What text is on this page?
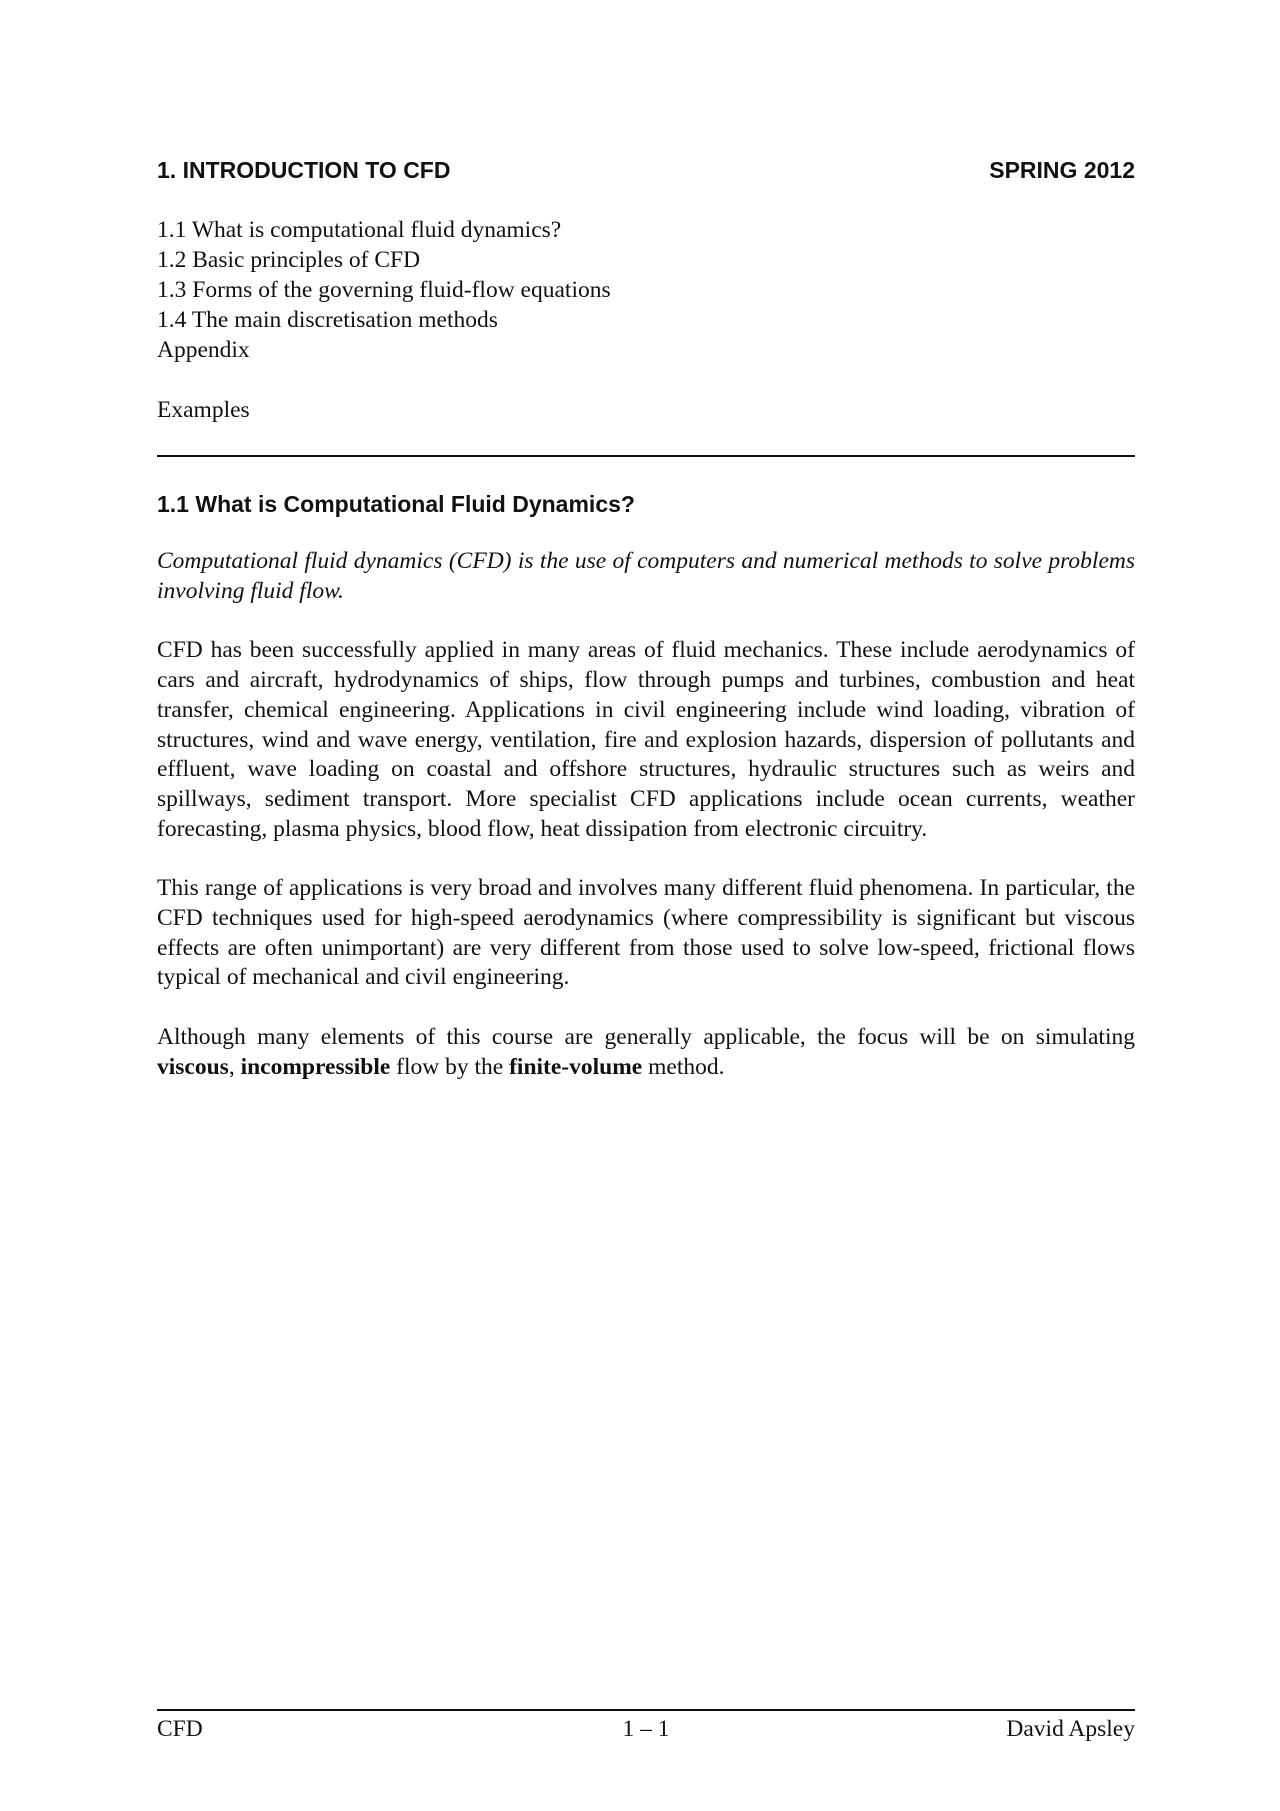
1. INTRODUCTION TO CFD	SPRING 2012
1.1 What is computational fluid dynamics?
1.2 Basic principles of CFD
1.3 Forms of the governing fluid-flow equations
1.4 The main discretisation methods
Appendix
Examples
1.1 What is Computational Fluid Dynamics?

Computational fluid dynamics (CFD) is the use of computers and numerical methods to solve problems involving fluid flow.

CFD has been successfully applied in many areas of fluid mechanics. These include aerodynamics of cars and aircraft, hydrodynamics of ships, flow through pumps and turbines, combustion and heat transfer, chemical engineering. Applications in civil engineering include wind loading, vibration of structures, wind and wave energy, ventilation, fire and explosion hazards, dispersion of pollutants and effluent, wave loading on coastal and offshore structures, hydraulic structures such as weirs and spillways, sediment transport. More specialist CFD applications include ocean currents, weather forecasting, plasma physics, blood flow, heat dissipation from electronic circuitry.

This range of applications is very broad and involves many different fluid phenomena. In particular, the CFD techniques used for high-speed aerodynamics (where compressibility is significant but viscous effects are often unimportant) are very different from those used to solve low-speed, frictional flows typical of mechanical and civil engineering.

Although many elements of this course are generally applicable, the focus will be on simulating viscous, incompressible flow by the finite-volume method.

CFD	1 – 1	David Apsley
